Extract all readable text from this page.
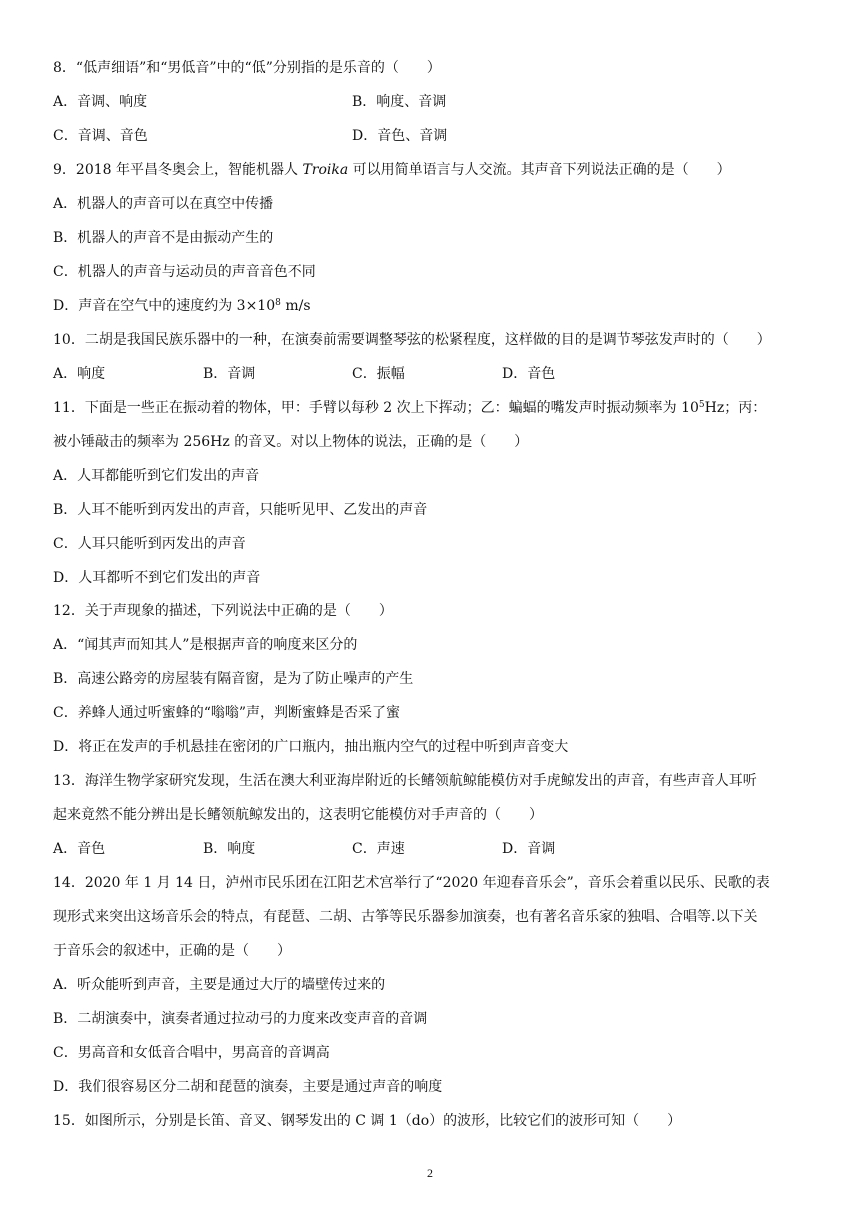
8．“低声细语”和“男低音”中的“低”分别指的是乐音的（　　）
A．音调、响度	B．响度、音调
C．音调、音色	D．音色、音调
9．2018 年平昌冬奥会上，智能机器人 Troika 可以用简单语言与人交流。其声音下列说法正确的是（　　）
A．机器人的声音可以在真空中传播
B．机器人的声音不是由振动产生的
C．机器人的声音与运动员的声音音色不同
D．声音在空气中的速度约为 $3\times 10^8$ m/s
10．二胡是我国民族乐器中的一种，在演奏前需要调整琴弦的松紧程度，这样做的目的是调节琴弦发声时的（　　）
A．响度	B．音调	C．振幅	D．音色
11．下面是一些正在振动着的物体，甲：手臂以每秒 2 次上下挥动；乙：蝙蝠的嘴发声时振动频率为 $10^5Hz$；丙：
被小锤敲击的频率为 256Hz 的音叉。对以上物体的说法，正确的是（　　）
A．人耳都能听到它们发出的声音
B．人耳不能听到丙发出的声音，只能听见甲、乙发出的声音
C．人耳只能听到丙发出的声音
D．人耳都听不到它们发出的声音
12．关于声现象的描述，下列说法中正确的是（　　）
A．“闻其声而知其人”是根据声音的响度来区分的
B．高速公路旁的房屋装有隔音窗，是为了防止噪声的产生
C．养蜂人通过听蜜蜂的“嗡嗡”声，判断蜜蜂是否采了蜜
D．将正在发声的手机悬挂在密闭的广口瓶内，抽出瓶内空气的过程中听到声音变大
13．海洋生物学家研究发现，生活在澳大利亚海岸附近的长鳍领航鲸能模仿对手虎鲸发出的声音，有些声音人耳听
起来竟然不能分辨出是长鳍领航鲸发出的，这表明它能模仿对手声音的（　　）
A．音色	B．响度	C．声速	D．音调
14．2020 年 1 月 14 日，泸州市民乐团在江阳艺术宫举行了“2020 年迎春音乐会”，音乐会着重以民乐、民歌的表
现形式来突出这场音乐会的特点，有琵琶、二胡、古筝等民乐器参加演奏，也有著名音乐家的独唱、合唱等.以下关
于音乐会的叙述中，正确的是（　　）
A．听众能听到声音，主要是通过大厅的墙壁传过来的
B．二胡演奏中，演奏者通过拉动弓的力度来改变声音的音调
C．男高音和女低音合唱中，男高音的音调高
D．我们很容易区分二胡和琵琶的演奏，主要是通过声音的响度
15．如图所示，分别是长笛、音叉、钢琴发出的 C 调 1（do）的波形，比较它们的波形可知（　　）
2
